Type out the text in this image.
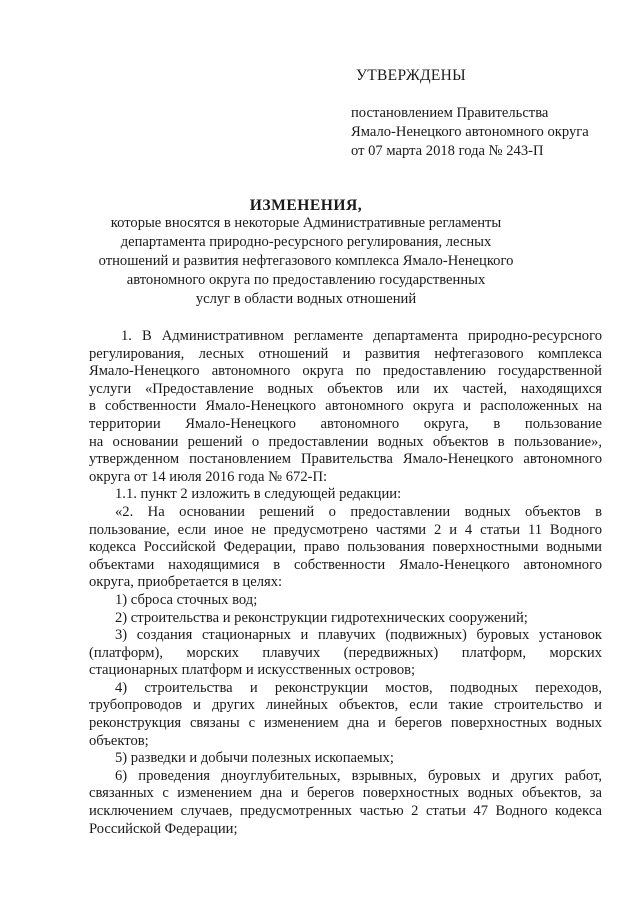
УТВЕРЖДЕНЫ
постановлением Правительства
Ямало-Ненецкого автономного округа
от 07 марта 2018 года № 243-П
ИЗМЕНЕНИЯ,
которые вносятся в некоторые Административные регламенты
департамента природно-ресурсного регулирования, лесных
отношений и развития нефтегазового комплекса Ямало-Ненецкого
автономного округа по предоставлению государственных
услуг в области водных отношений
1. В Административном регламенте департамента природно-ресурсного
регулирования, лесных отношений и развития нефтегазового комплекса
Ямало-Ненецкого автономного округа по предоставлению государственной
услуги «Предоставление водных объектов или их частей, находящихся
в собственности Ямало-Ненецкого автономного округа и расположенных на
территории Ямало-Ненецкого автономного округа, в пользование
на основании решений о предоставлении водных объектов в пользование»,
утвержденном постановлением Правительства Ямало-Ненецкого автономного
округа от 14 июля 2016 года № 672-П:
1.1. пункт 2 изложить в следующей редакции:
«2. На основании решений о предоставлении водных объектов в
пользование, если иное не предусмотрено частями 2 и 4 статьи 11 Водного
кодекса Российской Федерации, право пользования поверхностными водными
объектами находящимися в собственности Ямало-Ненецкого автономного
округа, приобретается в целях:
1) сброса сточных вод;
2) строительства и реконструкции гидротехнических сооружений;
3) создания стационарных и плавучих (подвижных) буровых установок
(платформ), морских плавучих (передвижных) платформ, морских
стационарных платформ и искусственных островов;
4) строительства и реконструкции мостов, подводных переходов,
трубопроводов и других линейных объектов, если такие строительство и
реконструкция связаны с изменением дна и берегов поверхностных водных
объектов;
5) разведки и добычи полезных ископаемых;
6) проведения дноуглубительных, взрывных, буровых и других работ,
связанных с изменением дна и берегов поверхностных водных объектов, за
исключением случаев, предусмотренных частью 2 статьи 47 Водного кодекса
Российской Федерации;
